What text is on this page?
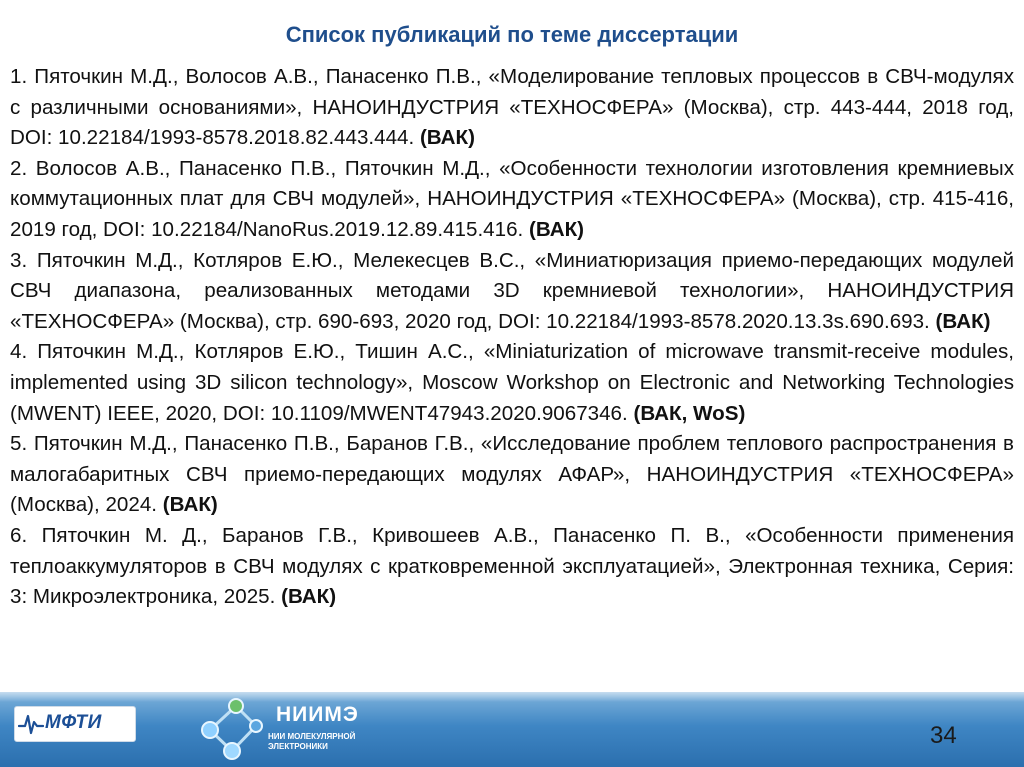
Список публикаций по теме диссертации

1. Пяточкин М.Д., Волосов А.В., Панасенко П.В., «Моделирование тепловых процессов в СВЧ-модулях с различными основаниями», НАНОИНДУСТРИЯ «ТЕХНОСФЕРА» (Москва), стр. 443-444, 2018 год, DOI: 10.22184/1993-8578.2018.82.443.444. (ВАК)

2. Волосов А.В., Панасенко П.В., Пяточкин М.Д., «Особенности технологии изготовления кремниевых коммутационных плат для СВЧ модулей», НАНОИНДУСТРИЯ «ТЕХНОСФЕРА» (Москва), стр. 415-416, 2019 год, DOI: 10.22184/NanoRus.2019.12.89.415.416. (ВАК)

3. Пяточкин М.Д., Котляров Е.Ю., Мелекесцев В.С., «Миниатюризация приемо-передающих модулей СВЧ диапазона, реализованных методами 3D кремниевой технологии», НАНОИНДУСТРИЯ «ТЕХНОСФЕРА» (Москва), стр. 690-693, 2020 год, DOI: 10.22184/1993-8578.2020.13.3s.690.693. (ВАК)

4. Пяточкин М.Д., Котляров Е.Ю., Тишин А.С., «Miniaturization of microwave transmit-receive modules, implemented using 3D silicon technology», Moscow Workshop on Electronic and Networking Technologies (MWENT) IEEE, 2020, DOI: 10.1109/MWENT47943.2020.9067346. (ВАК, WoS)

5. Пяточкин М.Д., Панасенко П.В., Баранов Г.В., «Исследование проблем теплового распространения в малогабаритных СВЧ приемо-передающих модулях АФАР», НАНОИНДУСТРИЯ «ТЕХНОСФЕРА» (Москва), 2024. (ВАК)

6. Пяточкин М. Д., Баранов Г.В., Кривошеев А.В., Панасенко П. В., «Особенности применения теплоаккумуляторов в СВЧ модулях с кратковременной эксплуатацией», Электронная техника, Серия: 3: Микроэлектроника, 2025. (ВАК)

МФТИ	НИИМЭ
НИИ МОЛЕКУЛЯРНОЙ ЭЛЕКТРОНИКИ	34
